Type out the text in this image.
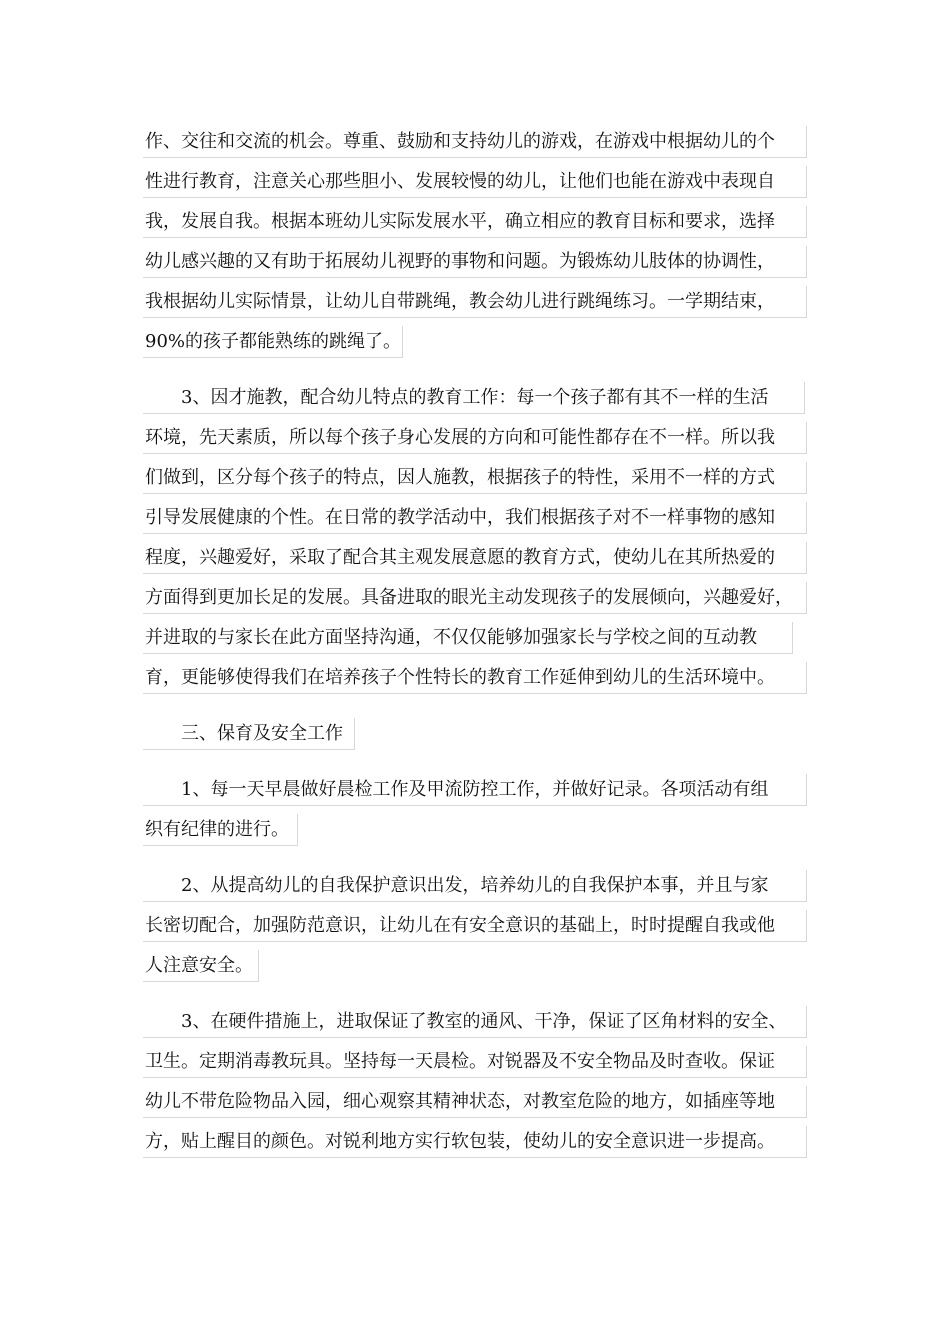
作、交往和交流的机会。尊重、鼓励和支持幼儿的游戏，在游戏中根据幼儿的个
性进行教育，注意关心那些胆小、发展较慢的幼儿，让他们也能在游戏中表现自
我，发展自我。根据本班幼儿实际发展水平，确立相应的教育目标和要求，选择
幼儿感兴趣的又有助于拓展幼儿视野的事物和问题。为锻炼幼儿肢体的协调性，
我根据幼儿实际情景，让幼儿自带跳绳，教会幼儿进行跳绳练习。一学期结束，
90%的孩子都能熟练的跳绳了。
3、因才施教，配合幼儿特点的教育工作：每一个孩子都有其不一样的生活
环境，先天素质，所以每个孩子身心发展的方向和可能性都存在不一样。所以我
们做到，区分每个孩子的特点，因人施教，根据孩子的特性，采用不一样的方式
引导发展健康的个性。在日常的教学活动中，我们根据孩子对不一样事物的感知
程度，兴趣爱好，采取了配合其主观发展意愿的教育方式，使幼儿在其所热爱的
方面得到更加长足的发展。具备进取的眼光主动发现孩子的发展倾向，兴趣爱好，
并进取的与家长在此方面坚持沟通，不仅仅能够加强家长与学校之间的互动教
育，更能够使得我们在培养孩子个性特长的教育工作延伸到幼儿的生活环境中。
三、保育及安全工作
1、每一天早晨做好晨检工作及甲流防控工作，并做好记录。各项活动有组
织有纪律的进行。
2、从提高幼儿的自我保护意识出发，培养幼儿的自我保护本事，并且与家
长密切配合，加强防范意识，让幼儿在有安全意识的基础上，时时提醒自我或他
人注意安全。
3、在硬件措施上，进取保证了教室的通风、干净，保证了区角材料的安全、
卫生。定期消毒教玩具。坚持每一天晨检。对锐器及不安全物品及时查收。保证
幼儿不带危险物品入园，细心观察其精神状态，对教室危险的地方，如插座等地
方，贴上醒目的颜色。对锐利地方实行软包装，使幼儿的安全意识进一步提高。
